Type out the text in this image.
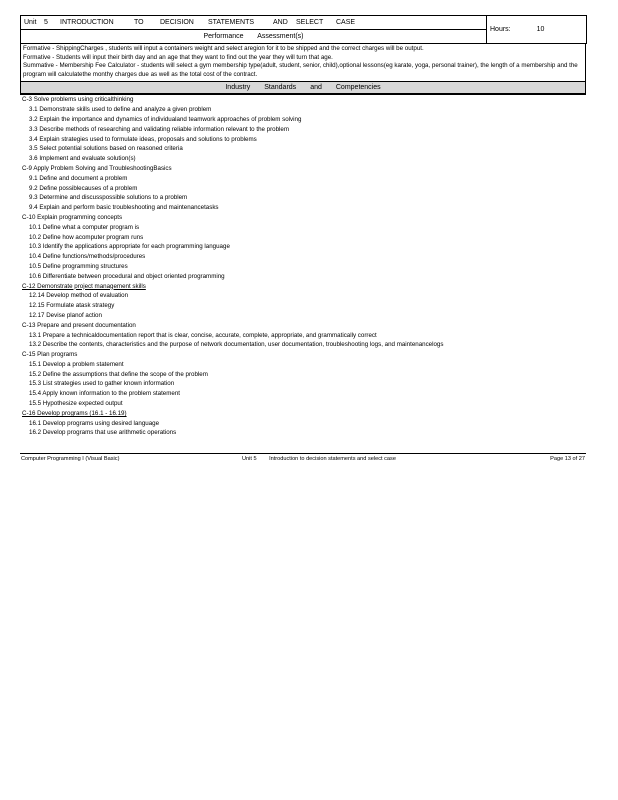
Unit	5	INTRODUCTION	TO	DECISION	STATEMENTS	AND	SELECT	CASE
	Hours:	10
Performance Assessment(s)

Formative - ShippingCharges , students will input a containers weight and select aregion for it to be shipped and the correct charges will be output.

Formative - Students will input their birth day and an age that they want to find out the year they will turn that age.

Summative - Membership Fee Calculator - students will select a gym membership type(adult, student, senior, child),optional lessons(eg karate, yoga, personal trainer), the length of a membership and the program will calculatethe monthy charges due as well as the total cost of the contract.

Industry Standards and Competencies
C-3 Solve problems using criticalthinking
3.1 Demonstrate skills used to define and analyze a given problem
3.2 Explain the importance and dynamics of individualand teamwork approaches of problem solving
3.3 Describe methods of researching and validating reliable information relevant to the problem
3.4 Explain strategies used to formulate ideas, proposals and solutions to problems
3.5 Select potential solutions based on reasoned criteria
3.6 Implement and evaluate solution(s)
C-9 Apply Problem Solving and TroubleshootingBasics
9.1 Define and document a problem
9.2 Define possiblecauses of a problem
9.3 Determine and discusspossible solutions to a problem
9.4 Explain and perform basic troubleshooting and maintenancetasks
C-10 Explain programming concepts
10.1 Define what a computer program is
10.2 Define how acomputer program runs
10.3 Identify the applications appropriate for each programming language
10.4 Define functions/methods/procedures
10.5 Define programming structures
10.6 Differentiate between procedural and object oriented programming
C-12 Demonstrate project management skills
12.14 Develop method of evaluation
12.15 Formulate atask strategy
12.17 Devise planof action
C-13 Prepare and present documentation
13.1 Prepare a technicaldocumentation report that is clear, concise, accurate, complete, appropriate, and grammatically correct
13.2 Describe the contents, characteristics and the purpose of network documentation, user documentation, troubleshooting logs, and maintenancelogs
C-15 Plan programs
15.1 Develop a problem statement
15.2 Define the assumptions that define the scope of the problem
15.3 List strategies used to gather known information
15.4 Apply known information to the problem statement
15.5 Hypothesize expected output
C-16 Develop programs (16.1 - 16.19)
16.1 Develop programs using desired language
16.2 Develop programs that use arithmetic operations
Computer Programming I (Visual Basic)	Unit 5 Introduction to decision statements and select case	Page 13 of 27
